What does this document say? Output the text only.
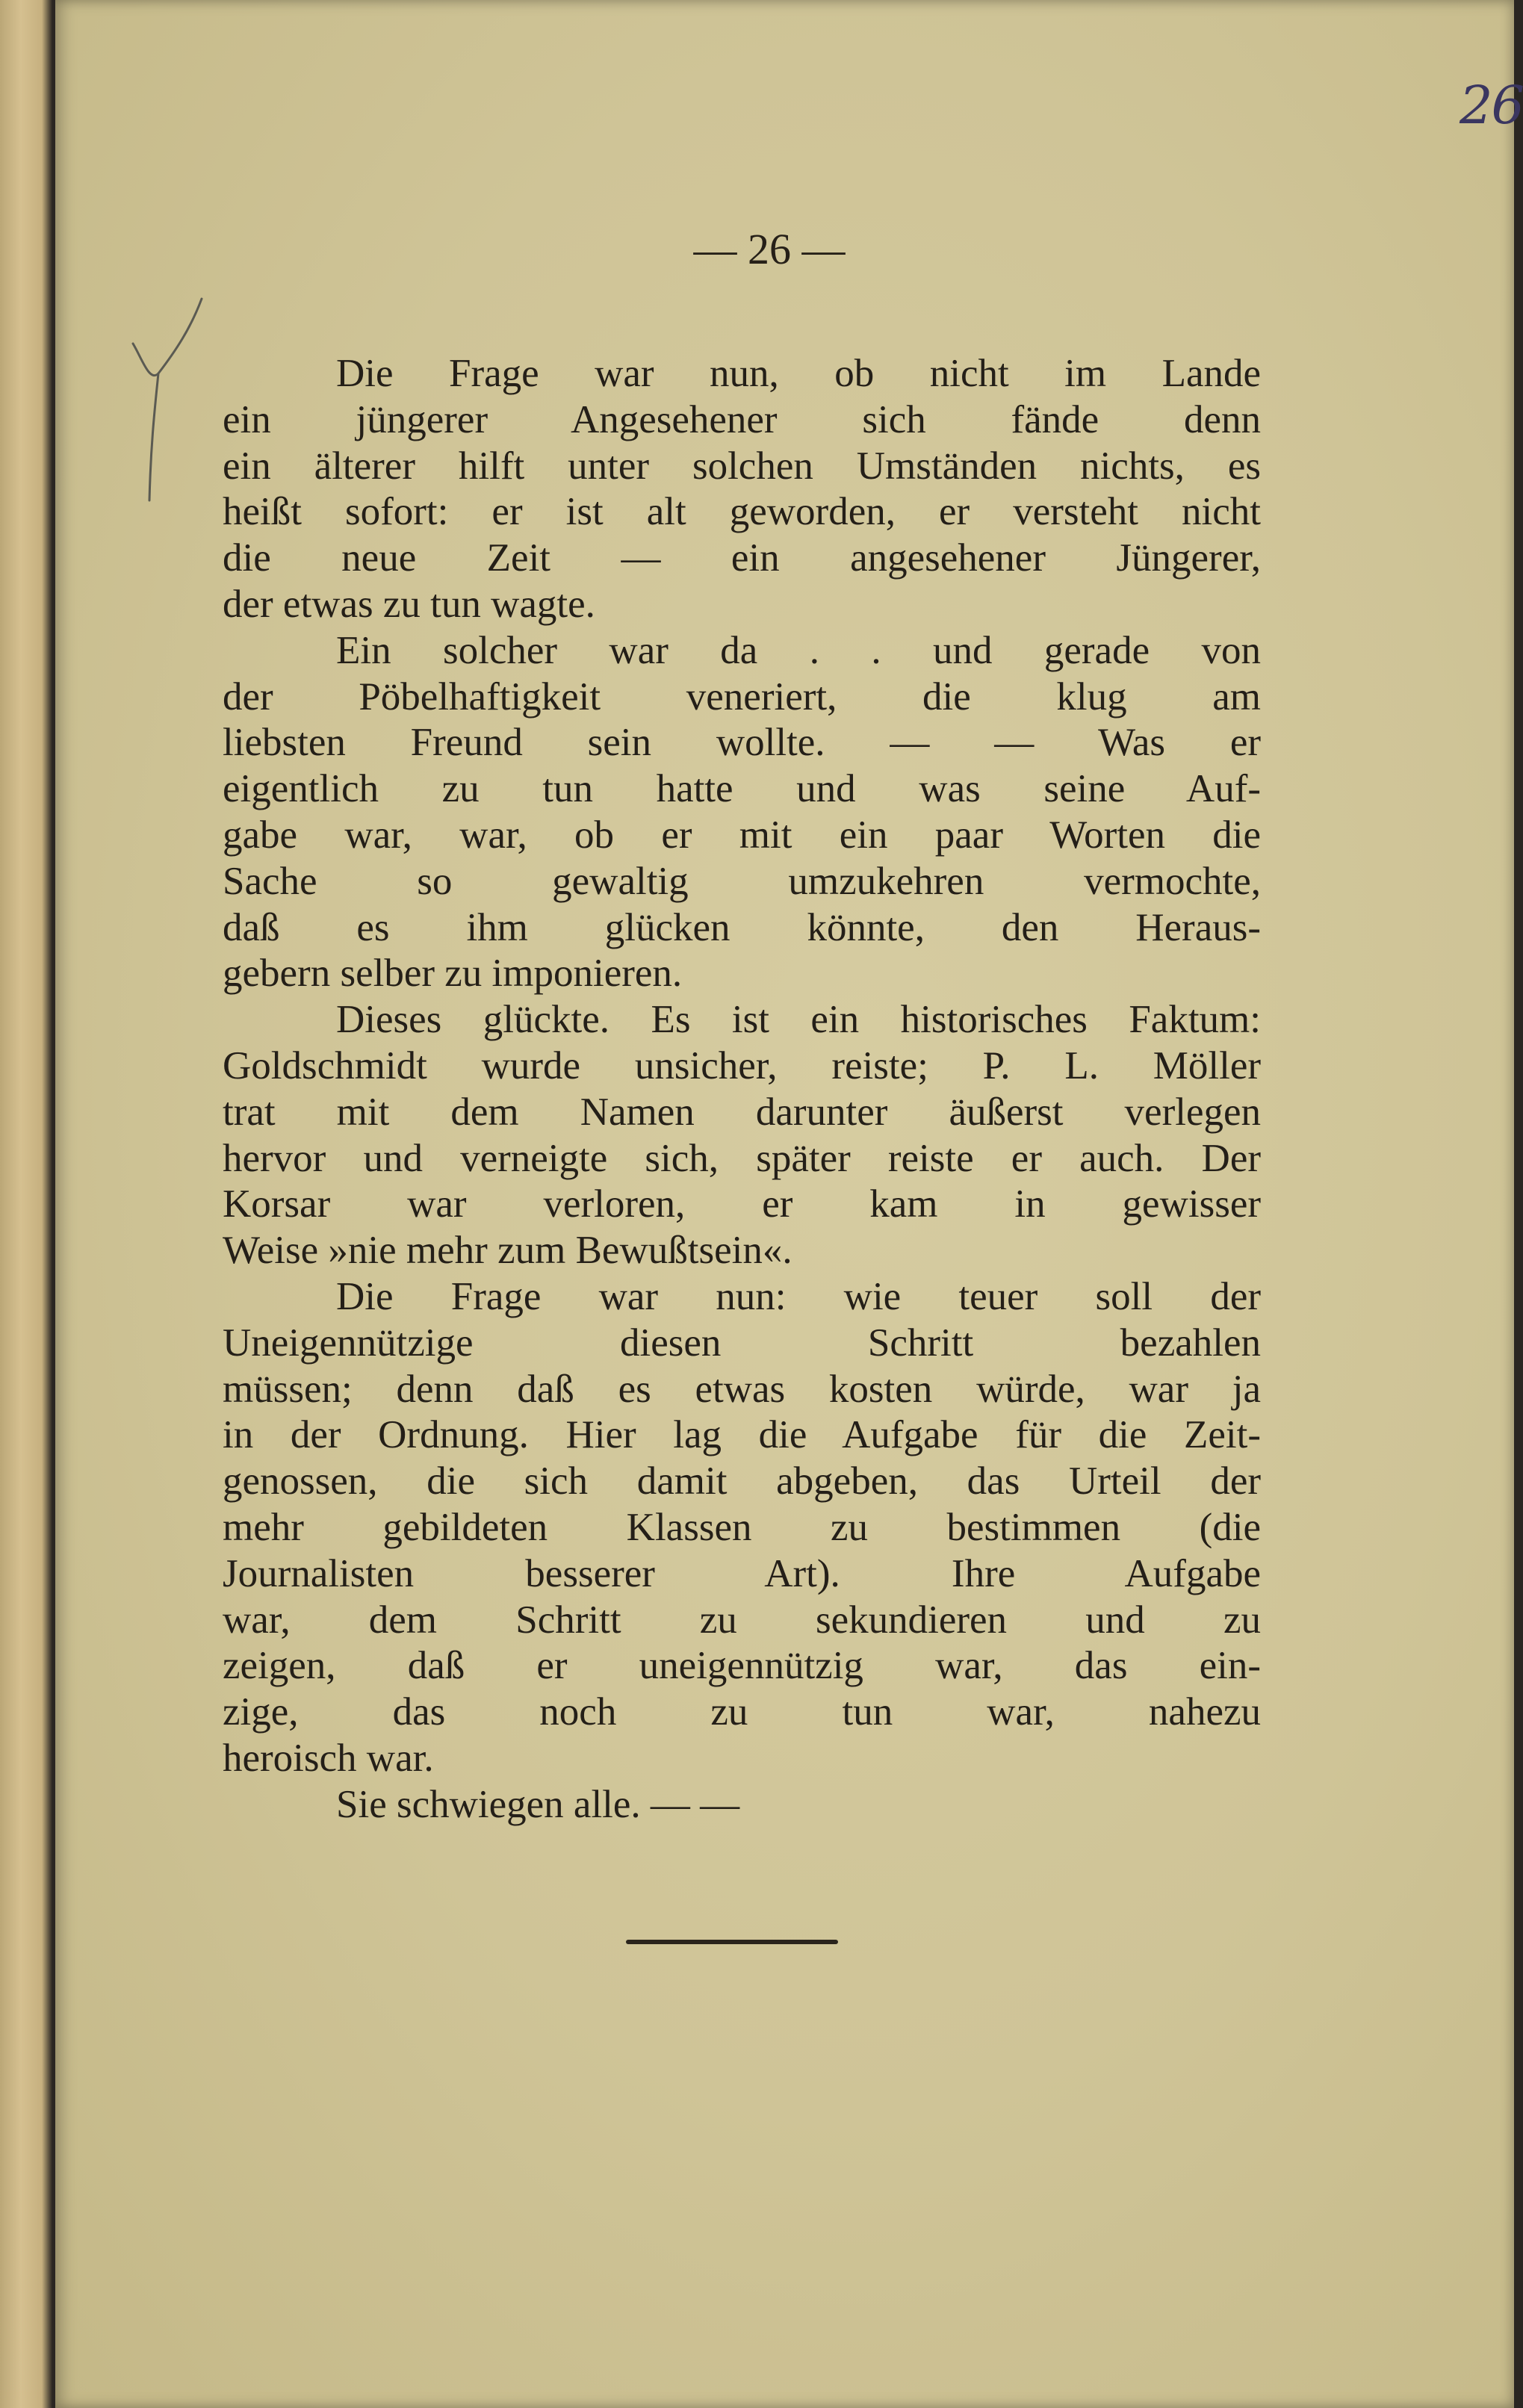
26
— 26 —
Die Frage war nun, ob nicht im Lande
ein jüngerer Angesehener sich fände denn
ein älterer hilft unter solchen Umständen nichts, es
heißt sofort: er ist alt geworden, er versteht nicht
die neue Zeit — ein angesehener Jüngerer,
der etwas zu tun wagte.
Ein solcher war da . . und gerade von
der Pöbelhaftigkeit veneriert, die klug am
liebsten Freund sein wollte. — — Was er
eigentlich zu tun hatte und was seine Auf-
gabe war, war, ob er mit ein paar Worten die
Sache so gewaltig umzukehren vermochte,
daß es ihm glücken könnte, den Heraus-
gebern selber zu imponieren.
Dieses glückte. Es ist ein historisches Faktum:
Goldschmidt wurde unsicher, reiste; P. L. Möller
trat mit dem Namen darunter äußerst verlegen
hervor und verneigte sich, später reiste er auch. Der
Korsar war verloren, er kam in gewisser
Weise »nie mehr zum Bewußtsein«.
Die Frage war nun: wie teuer soll der
Uneigennützige diesen Schritt bezahlen
müssen; denn daß es etwas kosten würde, war ja
in der Ordnung. Hier lag die Aufgabe für die Zeit-
genossen, die sich damit abgeben, das Urteil der
mehr gebildeten Klassen zu bestimmen (die
Journalisten besserer Art). Ihre Aufgabe
war, dem Schritt zu sekundieren und zu
zeigen, daß er uneigennützig war, das ein-
zige, das noch zu tun war, nahezu
heroisch war.
Sie schwiegen alle. — —
